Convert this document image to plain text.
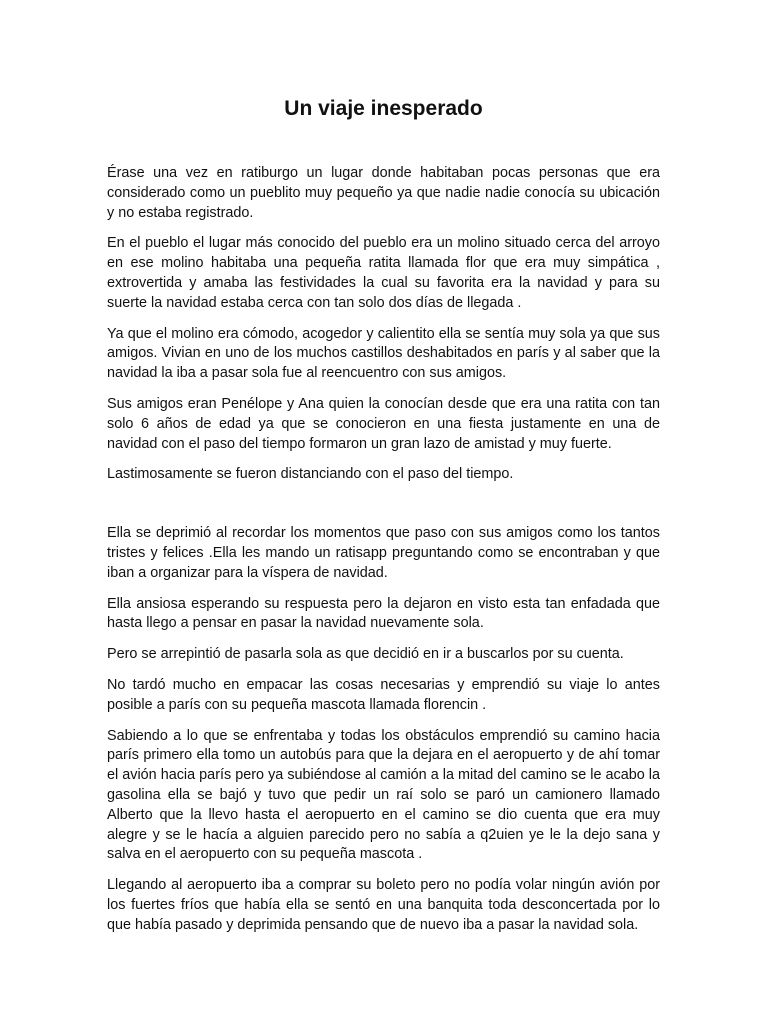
Un viaje inesperado

Érase una vez en ratiburgo un lugar donde habitaban pocas personas que era considerado como un pueblito muy pequeño ya que nadie nadie conocía su ubicación y no estaba registrado.

En el pueblo el lugar más conocido del pueblo era un molino situado cerca del arroyo en ese molino habitaba una pequeña ratita llamada flor que era muy simpática , extrovertida y amaba las festividades la cual su favorita era la navidad y para su suerte la navidad estaba cerca con tan solo dos días de llegada .

Ya que el molino era cómodo, acogedor y calientito ella se sentía muy sola ya que sus amigos. Vivian en uno de los muchos castillos deshabitados en parís y al saber que la navidad la iba a pasar sola fue al reencuentro con sus amigos.

Sus amigos eran Penélope y Ana quien la conocían desde que era una ratita con tan solo 6 años de edad ya que se conocieron en una fiesta justamente en una de navidad con el paso del tiempo formaron un gran lazo de amistad y muy fuerte.

Lastimosamente se fueron distanciando con el paso del tiempo.

Ella se deprimió al recordar los momentos que paso con sus amigos como los tantos tristes y felices .Ella les mando un ratisapp preguntando como se encontraban y que iban a organizar para la víspera de navidad.

Ella ansiosa esperando su respuesta pero la dejaron en visto esta tan enfadada que hasta llego a pensar en pasar la navidad nuevamente sola.

Pero se arrepintió de pasarla sola as que decidió en ir a buscarlos por su cuenta.

No tardó mucho en empacar las cosas necesarias y emprendió su viaje lo antes posible a parís con su pequeña mascota llamada florencin .

Sabiendo a lo que se enfrentaba y todas los obstáculos emprendió su camino hacia parís primero ella tomo un autobús para que la dejara en el aeropuerto y de ahí tomar el avión hacia parís pero ya subiéndose al camión a la mitad del camino se le acabo la gasolina ella se bajó y tuvo que pedir un raí solo se paró un camionero llamado Alberto que la llevo hasta el aeropuerto en el camino se dio cuenta que era muy alegre y se le hacía a alguien parecido pero no sabía a q2uien ye le la dejo sana y salva en el aeropuerto con su pequeña mascota .

Llegando al aeropuerto iba a comprar su boleto pero no podía volar ningún avión por los fuertes fríos que había ella se sentó en una banquita toda desconcertada por lo que había pasado y deprimida pensando que de nuevo iba a pasar la navidad sola.
